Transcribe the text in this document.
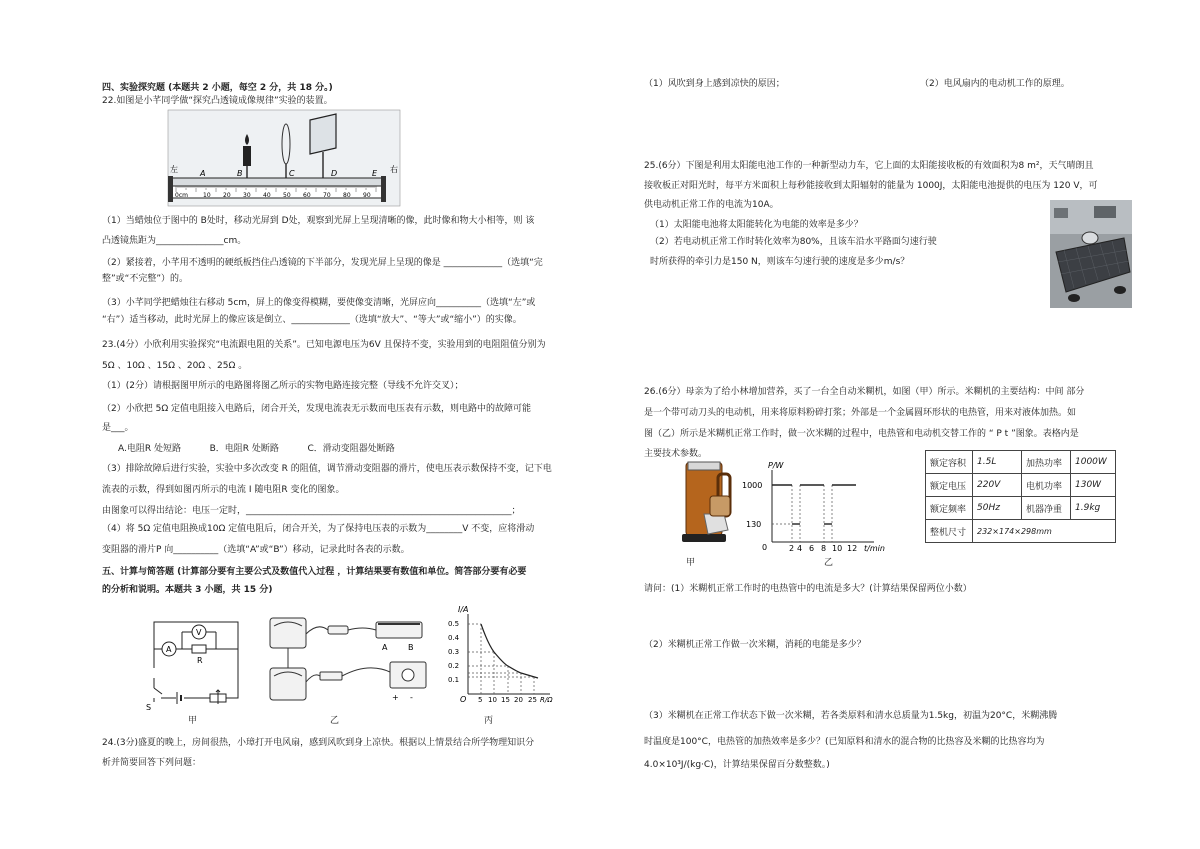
四、实验探究题 (本题共 2 小题，每空 2 分，共 18 分。)
22.如图是小芊同学做“探究凸透镜成像规律”实验的装置。
左	右
A	B	C	D	E
0cm	10 20 30 40 50 60 70 80 90
（1）当蜡烛位于图中的 B处时，移动光屏到 D处，观察到光屏上呈现清晰的像，此时像和物大小相等，则 该
凸透镜焦距为_______________cm。
（2）紧接着，小芊用不透明的硬纸板挡住凸透镜的下半部分，发现光屏上呈现的像是 _____________（选填“完
整”或“不完整”）的。
（3）小芊同学把蜡烛往右移动 5cm，屏上的像变得模糊，要使像变清晰，光屏应向__________（选填“左”或
“右”）适当移动，此时光屏上的像应该是倒立、_____________（选填“放大”、“等大”或“缩小”）的实像。
23.(4分）小欣利用实验探究“电流跟电阻的关系”。已知电源电压为6V 且保持不变，实验用到的电阻阻值分别为
5Ω 、10Ω 、15Ω 、20Ω 、25Ω 。
（1）(2分）请根据图甲所示的电路图将图乙所示的实物电路连接完整（导线不允许交叉）；
（2）小欣把 5Ω 定值电阻接入电路后，闭合开关，发现电流表无示数而电压表有示数，则电路中的故障可能
是___。
A.电阻R 处短路          B．电阻R 处断路          C．滑动变阻器处断路
（3）排除故障后进行实验，实验中多次改变 R 的阻值，调节滑动变阻器的滑片，使电压表示数保持不变，记下电
流表的示数，得到如图丙所示的电流 I 随电阻R 变化的图象。
由图象可以得出结论：电压一定时，___________________________________________________________；
（4）将 5Ω 定值电阻换成10Ω 定值电阻后，闭合开关，为了保持电压表的示数为________V 不变，应将滑动
变阻器的滑片P 向__________（选填“A”或“B”）移动，记录此时各表的示数。
五、计算与简答题 (计算部分要有主要公式及数值代入过程 ，计算结果要有数值和单位。简答部分要有必要
的分析和说明。本题共 3 小题，共 15 分)
A
R
V
S
甲
A	B
+ -
乙
I/A
0.5
0.4
0.3
0.2
0.1
O 5 10 15 20 25 R/Ω
丙
24.(3分)盛夏的晚上，房间很热，小璋打开电风扇，感到风吹到身上凉快。根据以上情景结合所学物理知识分
析并简要回答下列问题：
（1）风吹到身上感到凉快的原因；	（2）电风扇内的电动机工作的原理。
25.(6分）下图是利用太阳能电池工作的一种新型动力车，它上面的太阳能接收板的有效面积为8 m²，天气晴朗且
接收板正对阳光时，每平方米面积上每秒能接收到太阳辐射的能量为 1000J，太阳能电池提供的电压为 120 V，可
供电动机正常工作的电流为10A。
（1）太阳能电池将太阳能转化为电能的效率是多少？
（2）若电动机正常工作时转化效率为80%，且该车沿水平路面匀速行驶
时所获得的牵引力是150 N，则该车匀速行驶的速度是多少m/s？
26.(6分）母亲为了给小林增加营养，买了一台全自动米糊机，如图（甲）所示。米糊机的主要结构：中间 部分
是一个带可动刀头的电动机，用来将原料粉碎打浆；外部是一个金属圆环形状的电热管，用来对液体加热。如
图（乙）所示是米糊机正常工作时，做一次米糊的过程中，电热管和电动机交替工作的 “ P t ”图象。表格内是
主要技术参数。
甲
P/W
1000
130
0	2 4 6 8 10 12 t/min
乙
额定容积	1.5L	加热功率	1000W
额定电压	220V	电机功率	130W
额定频率	50Hz	机器净重	1.9kg
整机尺寸	232×174×298mm		
请问：(1）米糊机正常工作时的电热管中的电流是多大？(计算结果保留两位小数）
（2）米糊机正常工作做一次米糊，消耗的电能是多少？
（3）米糊机在正常工作状态下做一次米糊，若各类原料和清水总质量为1.5kg，初温为20°C，米糊沸腾
时温度是100°C，电热管的加热效率是多少？(已知原料和清水的混合物的比热容及米糊的比热容均为
4.0×10³J/(kg·C)，计算结果保留百分数整数。)
